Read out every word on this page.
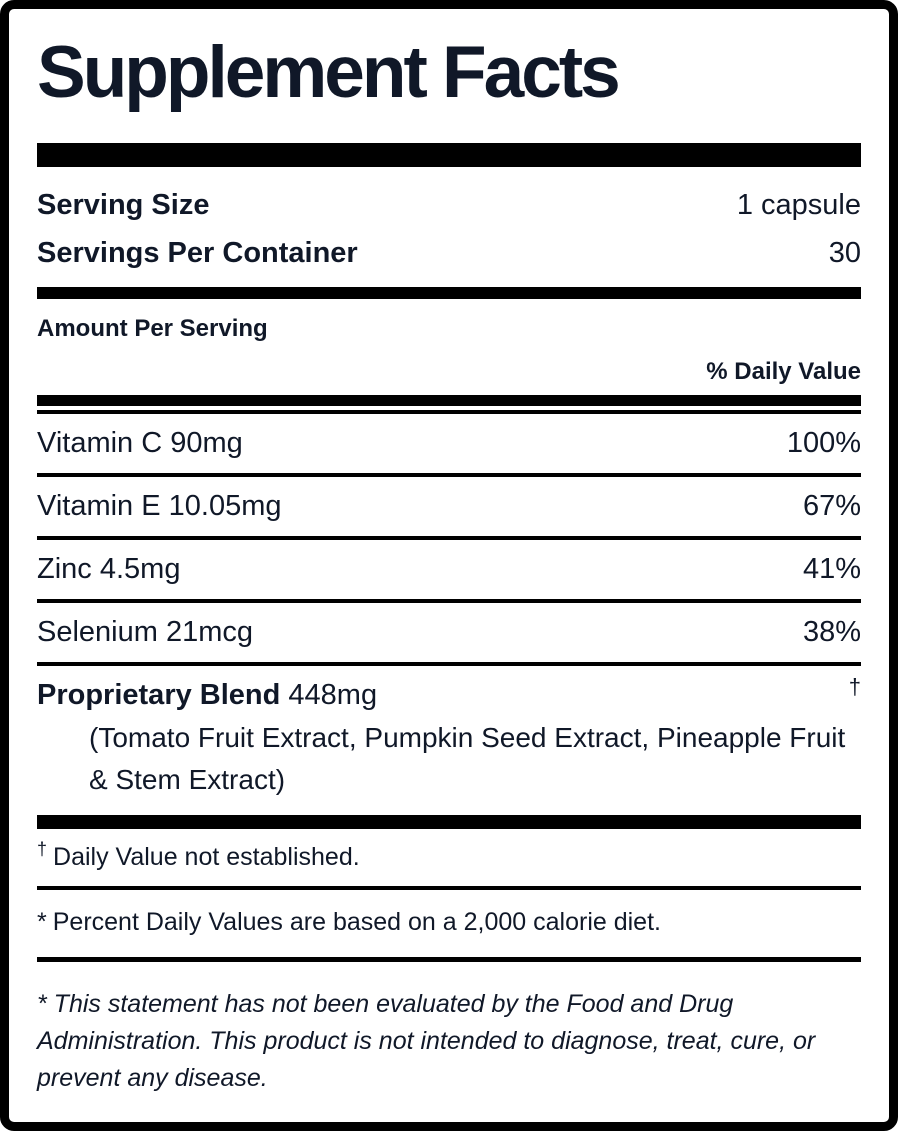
Supplement Facts
Serving Size	1 capsule
Servings Per Container	30
Amount Per Serving
% Daily Value
Vitamin C 90mg	100%
Vitamin E 10.05mg	67%
Zinc 4.5mg	41%
Selenium 21mcg	38%
Proprietary Blend 448mg	†
(Tomato Fruit Extract, Pumpkin Seed Extract, Pineapple Fruit & Stem Extract)
† Daily Value not established.
* Percent Daily Values are based on a 2,000 calorie diet.
* This statement has not been evaluated by the Food and Drug Administration. This product is not intended to diagnose, treat, cure, or prevent any disease.
